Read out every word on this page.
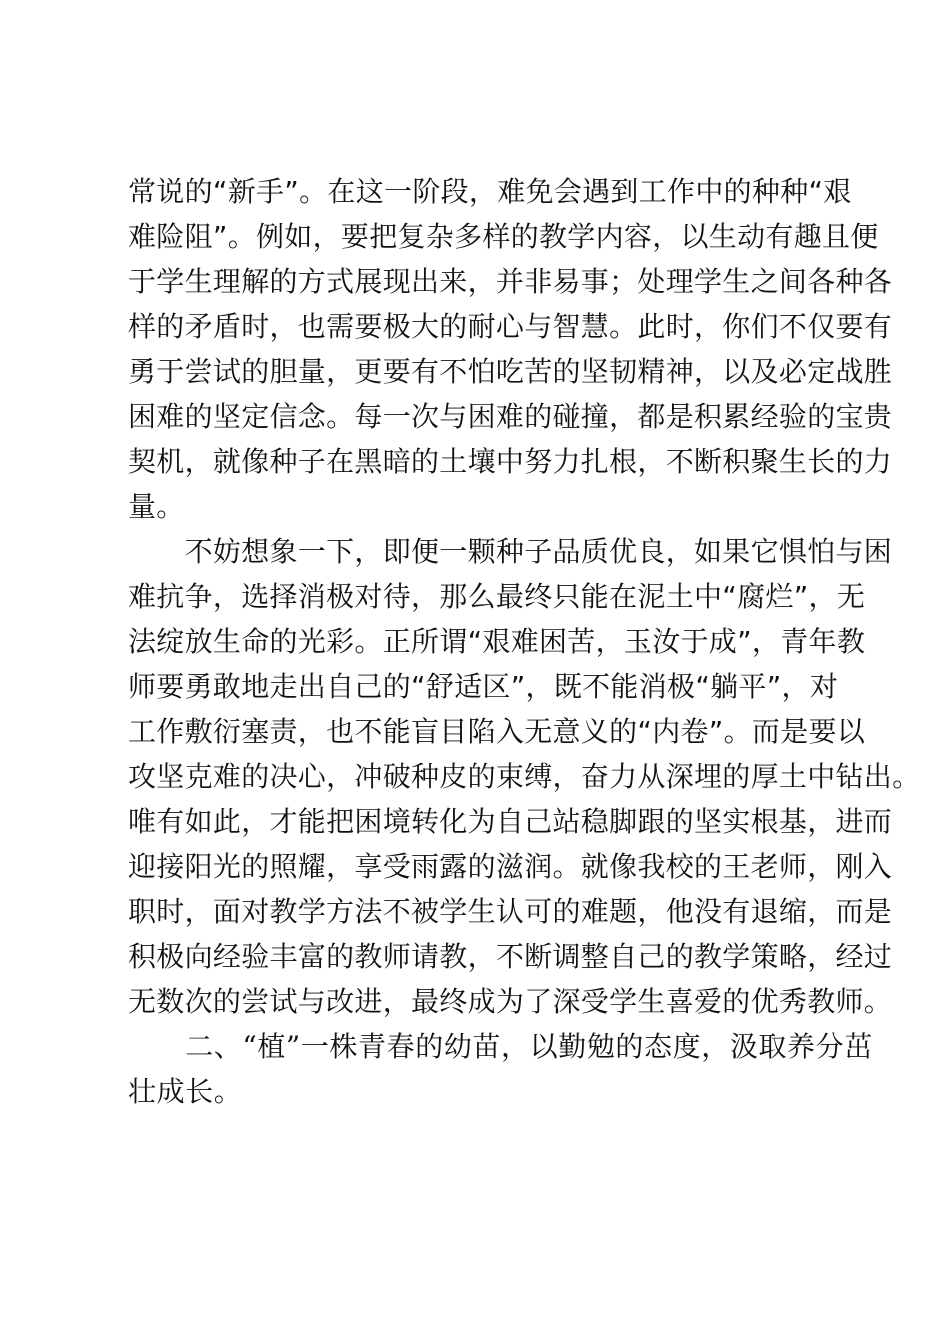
常说的“新手”。在这一阶段，难免会遇到工作中的种种“艰
难险阻”。例如，要把复杂多样的教学内容，以生动有趣且便
于学生理解的方式展现出来，并非易事；处理学生之间各种各
样的矛盾时，也需要极大的耐心与智慧。此时，你们不仅要有
勇于尝试的胆量，更要有不怕吃苦的坚韧精神，以及必定战胜
困难的坚定信念。每一次与困难的碰撞，都是积累经验的宝贵
契机，就像种子在黑暗的土壤中努力扎根，不断积聚生长的力
量。
　　不妨想象一下，即便一颗种子品质优良，如果它惧怕与困
难抗争，选择消极对待，那么最终只能在泥土中“腐烂”，无
法绽放生命的光彩。正所谓“艰难困苦，玉汝于成”，青年教
师要勇敢地走出自己的“舒适区”，既不能消极“躺平”，对
工作敷衍塞责，也不能盲目陷入无意义的“内卷”。而是要以
攻坚克难的决心，冲破种皮的束缚，奋力从深埋的厚土中钻出。
唯有如此，才能把困境转化为自己站稳脚跟的坚实根基，进而
迎接阳光的照耀，享受雨露的滋润。就像我校的王老师，刚入
职时，面对教学方法不被学生认可的难题，他没有退缩，而是
积极向经验丰富的教师请教，不断调整自己的教学策略，经过
无数次的尝试与改进，最终成为了深受学生喜爱的优秀教师。
　　二、“植”一株青春的幼苗，以勤勉的态度，汲取养分茁
壮成长。
